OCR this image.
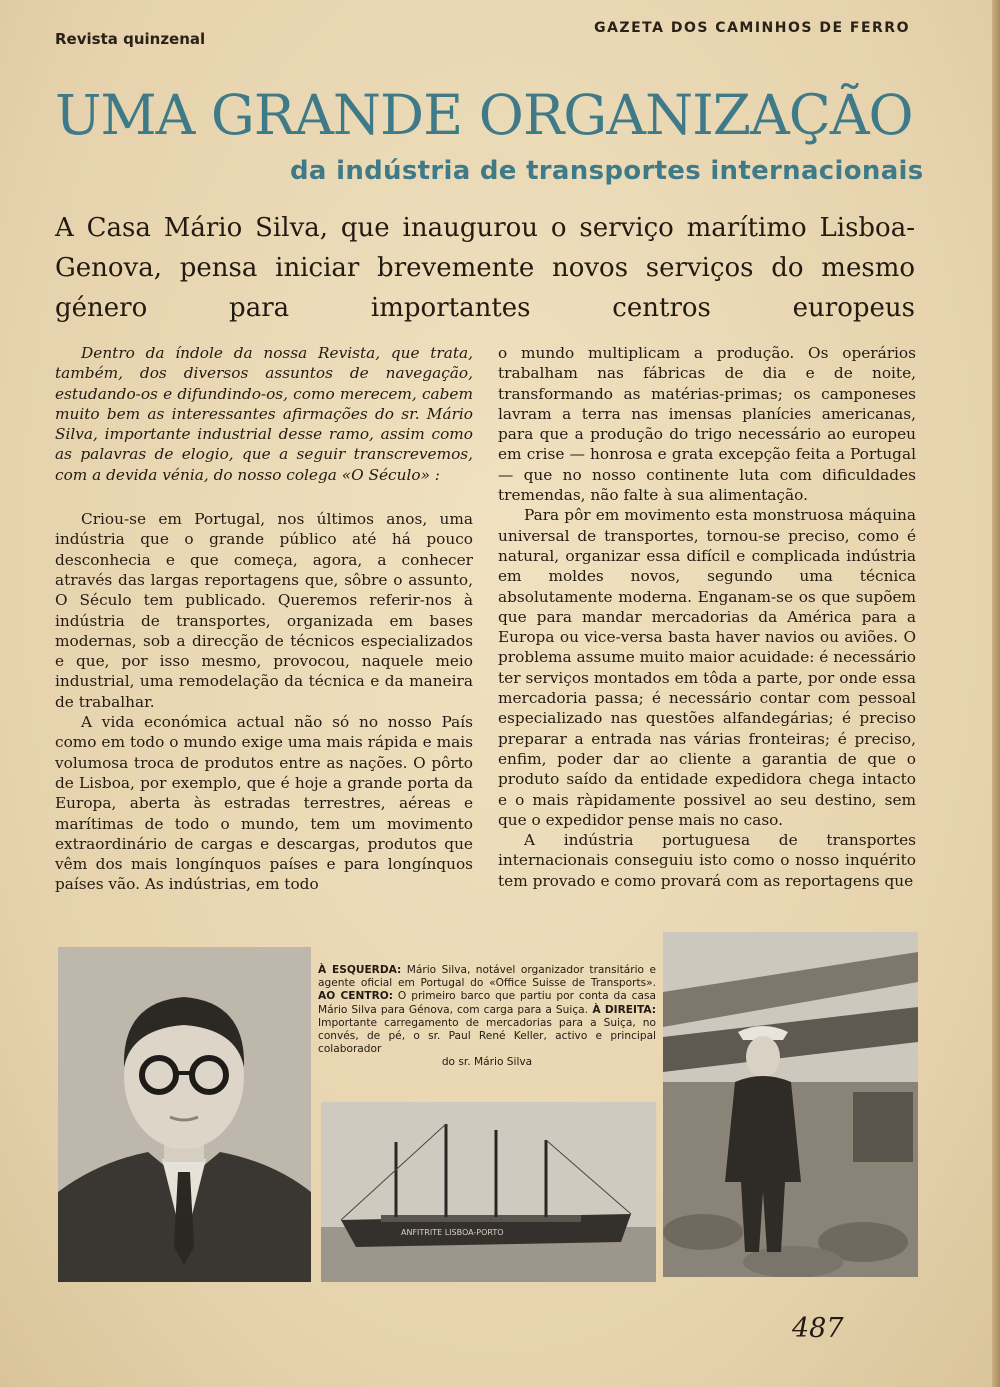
Revista quinzenal
GAZETA DOS CAMINHOS DE FERRO
UMA GRANDE ORGANIZAÇÃO
da indústria de transportes internacionais
A Casa Mário Silva, que inaugurou o serviço marítimo Lisboa-Genova, pensa iniciar brevemente novos serviços do mesmo género para importantes centros europeus

Dentro da índole da nossa Revista, que trata, também, dos diversos assuntos de navegação, estudando-os e difundindo-os, como merecem, cabem muito bem as interessantes afirmações do sr. Mário Silva, importante industrial desse ramo, assim como as palavras de elogio, que a seguir transcrevemos, com a devida vénia, do nosso colega «O Século» :

Criou-se em Portugal, nos últimos anos, uma indústria que o grande público até há pouco desconhecia e que começa, agora, a conhecer através das largas reportagens que, sôbre o assunto, O Século tem publicado. Queremos referir-nos à indústria de transportes, organizada em bases modernas, sob a direcção de técnicos especializados e que, por isso mesmo, provocou, naquele meio industrial, uma remodelação da técnica e da maneira de trabalhar.

A vida económica actual não só no nosso País como em todo o mundo exige uma mais rápida e mais volumosa troca de produtos entre as nações. O pôrto de Lisboa, por exemplo, que é hoje a grande porta da Europa, aberta às estradas terrestres, aéreas e marítimas de todo o mundo, tem um movimento extraordinário de cargas e descargas, produtos que vêm dos mais longínquos países e para longínquos países vão. As indústrias, em todo

o mundo multiplicam a produção. Os operários trabalham nas fábricas de dia e de noite, transformando as matérias-primas; os camponeses lavram a terra nas imensas planícies americanas, para que a produção do trigo necessário ao europeu em crise — honrosa e grata excepção feita a Portugal — que no nosso continente luta com dificuldades tremendas, não falte à sua alimentação.

Para pôr em movimento esta monstruosa máquina universal de transportes, tornou-se preciso, como é natural, organizar essa difícil e complicada indústria em moldes novos, segundo uma técnica absolutamente moderna. Enganam-se os que supõem que para mandar mercadorias da América para a Europa ou vice-versa basta haver navios ou aviões. O problema assume muito maior acuidade: é necessário ter serviços montados em tôda a parte, por onde essa mercadoria passa; é necessário contar com pessoal especializado nas questões alfandegárias; é preciso preparar a entrada nas várias fronteiras; é preciso, enfim, poder dar ao cliente a garantia de que o produto saído da entidade expedidora chega intacto e o mais ràpidamente possivel ao seu destino, sem que o expedidor pense mais no caso.

A indústria portuguesa de transportes internacionais conseguiu isto como o nosso inquérito tem provado e como provará com as reportagens que

À ESQUERDA: Mário Silva, notável organizador transitário e agente oficial em Portugal do «Office Suisse de Transports». AO CENTRO: O primeiro barco que partiu por conta da casa Mário Silva para Génova, com carga para a Suiça. À DIREITA: Importante carregamento de mercadorias para a Suiça, no convés, de pé, o sr. Paul René Keller, activo e principal colaborador
do sr. Mário Silva
ANFITRITE LISBOA-PORTO
487
